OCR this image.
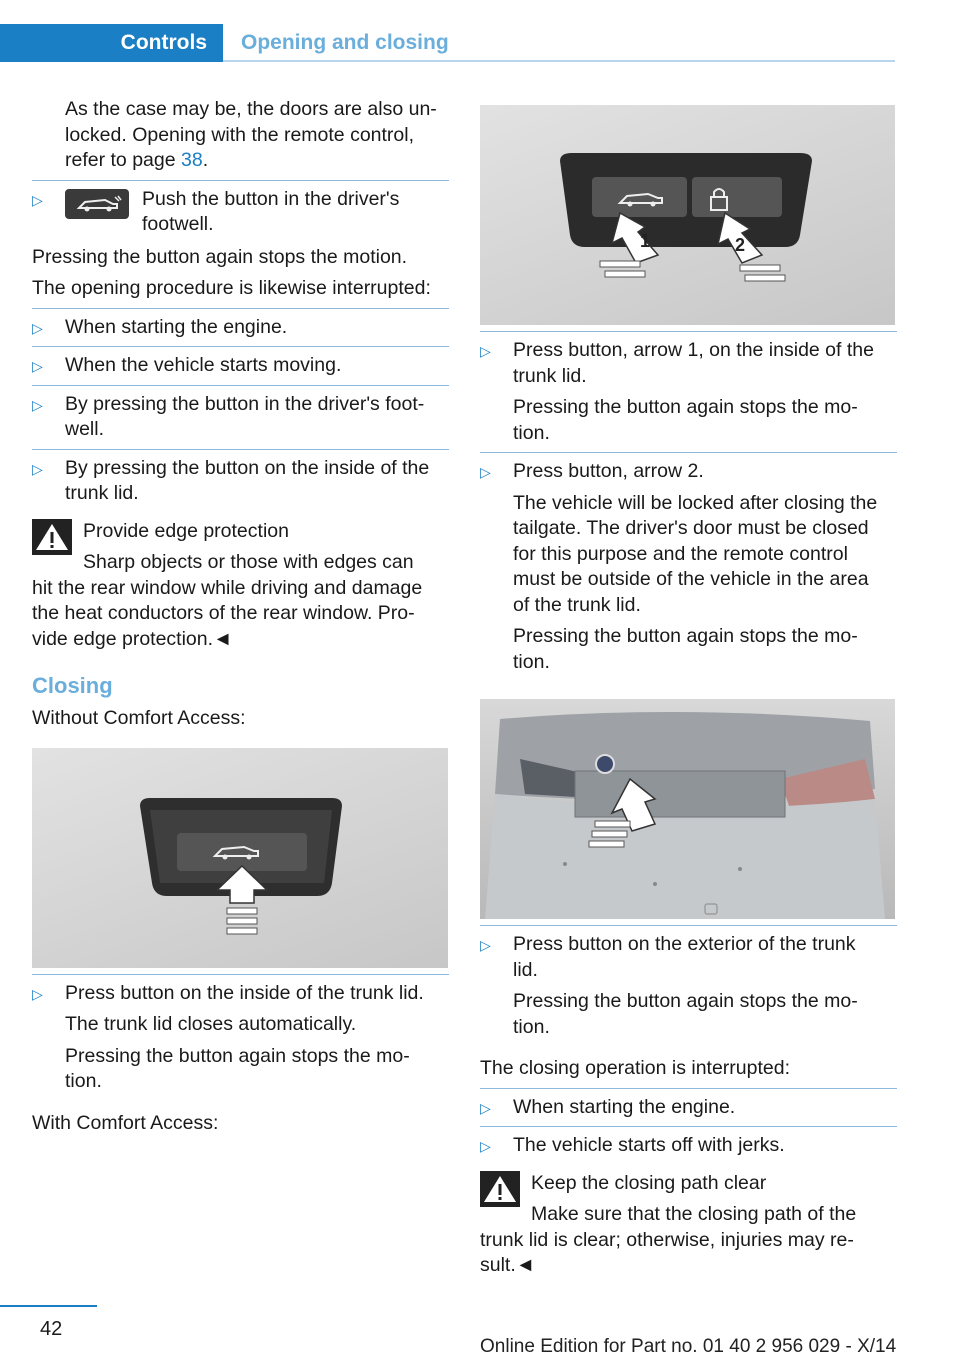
Controls	Opening and closing

As the case may be, the doors are also un-

locked. Opening with the remote control,

refer to page 38.

▷	Push the button in the driver's

footwell.

Pressing the button again stops the motion.

The opening procedure is likewise interrupted:

▷ When starting the engine.
▷ When the vehicle starts moving.
▷ By pressing the button in the driver's foot-
well.
▷ By pressing the button on the inside of the
trunk lid.

Provide edge protection

Sharp objects or those with edges can

hit the rear window while driving and damage

the heat conductors of the rear window. Pro-

vide edge protection.◄

Closing

Without Comfort Access:

▷ Press button on the inside of the trunk lid.

The trunk lid closes automatically.

Pressing the button again stops the mo-

tion.

With Comfort Access:

1	2
▷ Press button, arrow 1, on the inside of the

trunk lid.

Pressing the button again stops the mo-

tion.

▷ Press button, arrow 2.

The vehicle will be locked after closing the

tailgate. The driver's door must be closed

for this purpose and the remote control

must be outside of the vehicle in the area

of the trunk lid.

Pressing the button again stops the mo-

tion.

▷ Press button on the exterior of the trunk

lid.

Pressing the button again stops the mo-

tion.

The closing operation is interrupted:

▷ When starting the engine.
▷ The vehicle starts off with jerks.

Keep the closing path clear

Make sure that the closing path of the

trunk lid is clear; otherwise, injuries may re-

sult.◄

42
Online Edition for Part no. 01 40 2 956 029 - X/14
